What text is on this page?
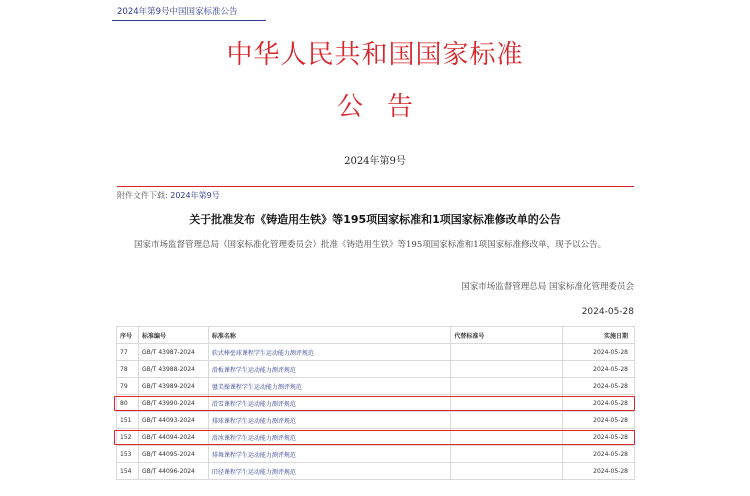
2024年第9号中国国家标准公告
中华人民共和国国家标准
公告
2024年第9号
附件文件下载: 2024年第9号
关于批准发布《铸造用生铁》等195项国家标准和1项国家标准修改单的公告
国家市场监督管理总局（国家标准化管理委员会）批准《铸造用生铁》等195项国家标准和1项国家标准修改单，现予以公告。
国家市场监督管理总局 国家标准化管理委员会
2024-05-28
序号	标准编号	标准名称	代替标准号	实施日期
77	GB/T 43987-2024	软式棒垒球课程学生运动能力测评规范		2024-05-28
78	GB/T 43988-2024	滑板课程学生运动能力测评规范		2024-05-28
79	GB/T 43989-2024	毽美操课程学生运动能力测评规范		2024-05-28
80	GB/T 43990-2024	滑雪课程学生运动能力测评规范		2024-05-28
151	GB/T 44093-2024	排球课程学生运动能力测评规范		2024-05-28
152	GB/T 44094-2024	滑冰课程学生运动能力测评规范		2024-05-28
153	GB/T 44095-2024	排舞课程学生运动能力测评规范		2024-05-28
154	GB/T 44096-2024	旧径课程学生运动能力测评规范		2024-05-28
